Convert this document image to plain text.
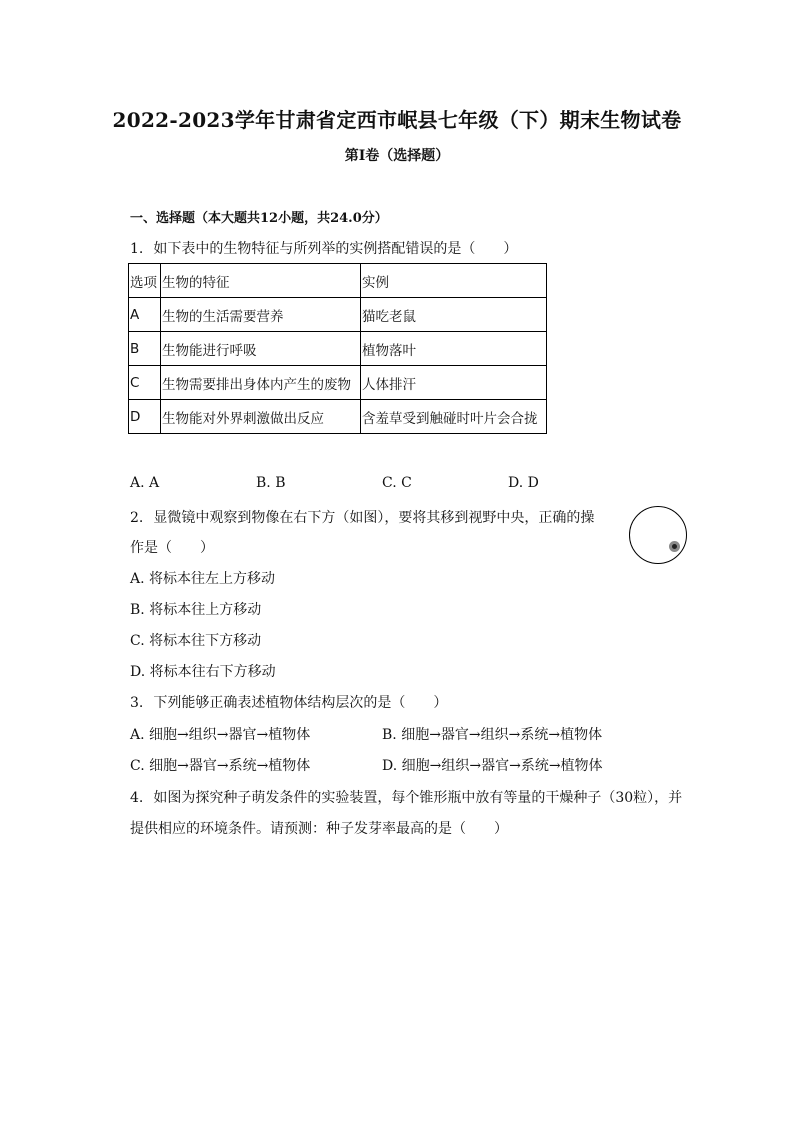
2022-2023学年甘肃省定西市岷县七年级（下）期末生物试卷
第I卷（选择题）
一、选择题（本大题共12小题，共24.0分）
1. 如下表中的生物特征与所列举的实例搭配错误的是（　　）
选项	生物的特征	实例
A	生物的生活需要营养	猫吃老鼠
B	生物能进行呼吸	植物落叶
C	生物需要排出身体内产生的废物	人体排汗
D	生物能对外界刺激做出反应	含羞草受到触碰时叶片会合拢
A. A	B. B	C. C	D. D
2. 显微镜中观察到物像在右下方（如图），要将其移到视野中央，正确的操
作是（　　）
A. 将标本往左上方移动
B. 将标本往上方移动
C. 将标本往下方移动
D. 将标本往右下方移动
3. 下列能够正确表述植物体结构层次的是（　　）
A. 细胞→组织→器官→植物体	B. 细胞→器官→组织→系统→植物体
C. 细胞→器官→系统→植物体	D. 细胞→组织→器官→系统→植物体
4. 如图为探究种子萌发条件的实验装置，每个锥形瓶中放有等量的干燥种子（30粒），并
提供相应的环境条件。请预测：种子发芽率最高的是（　　）
